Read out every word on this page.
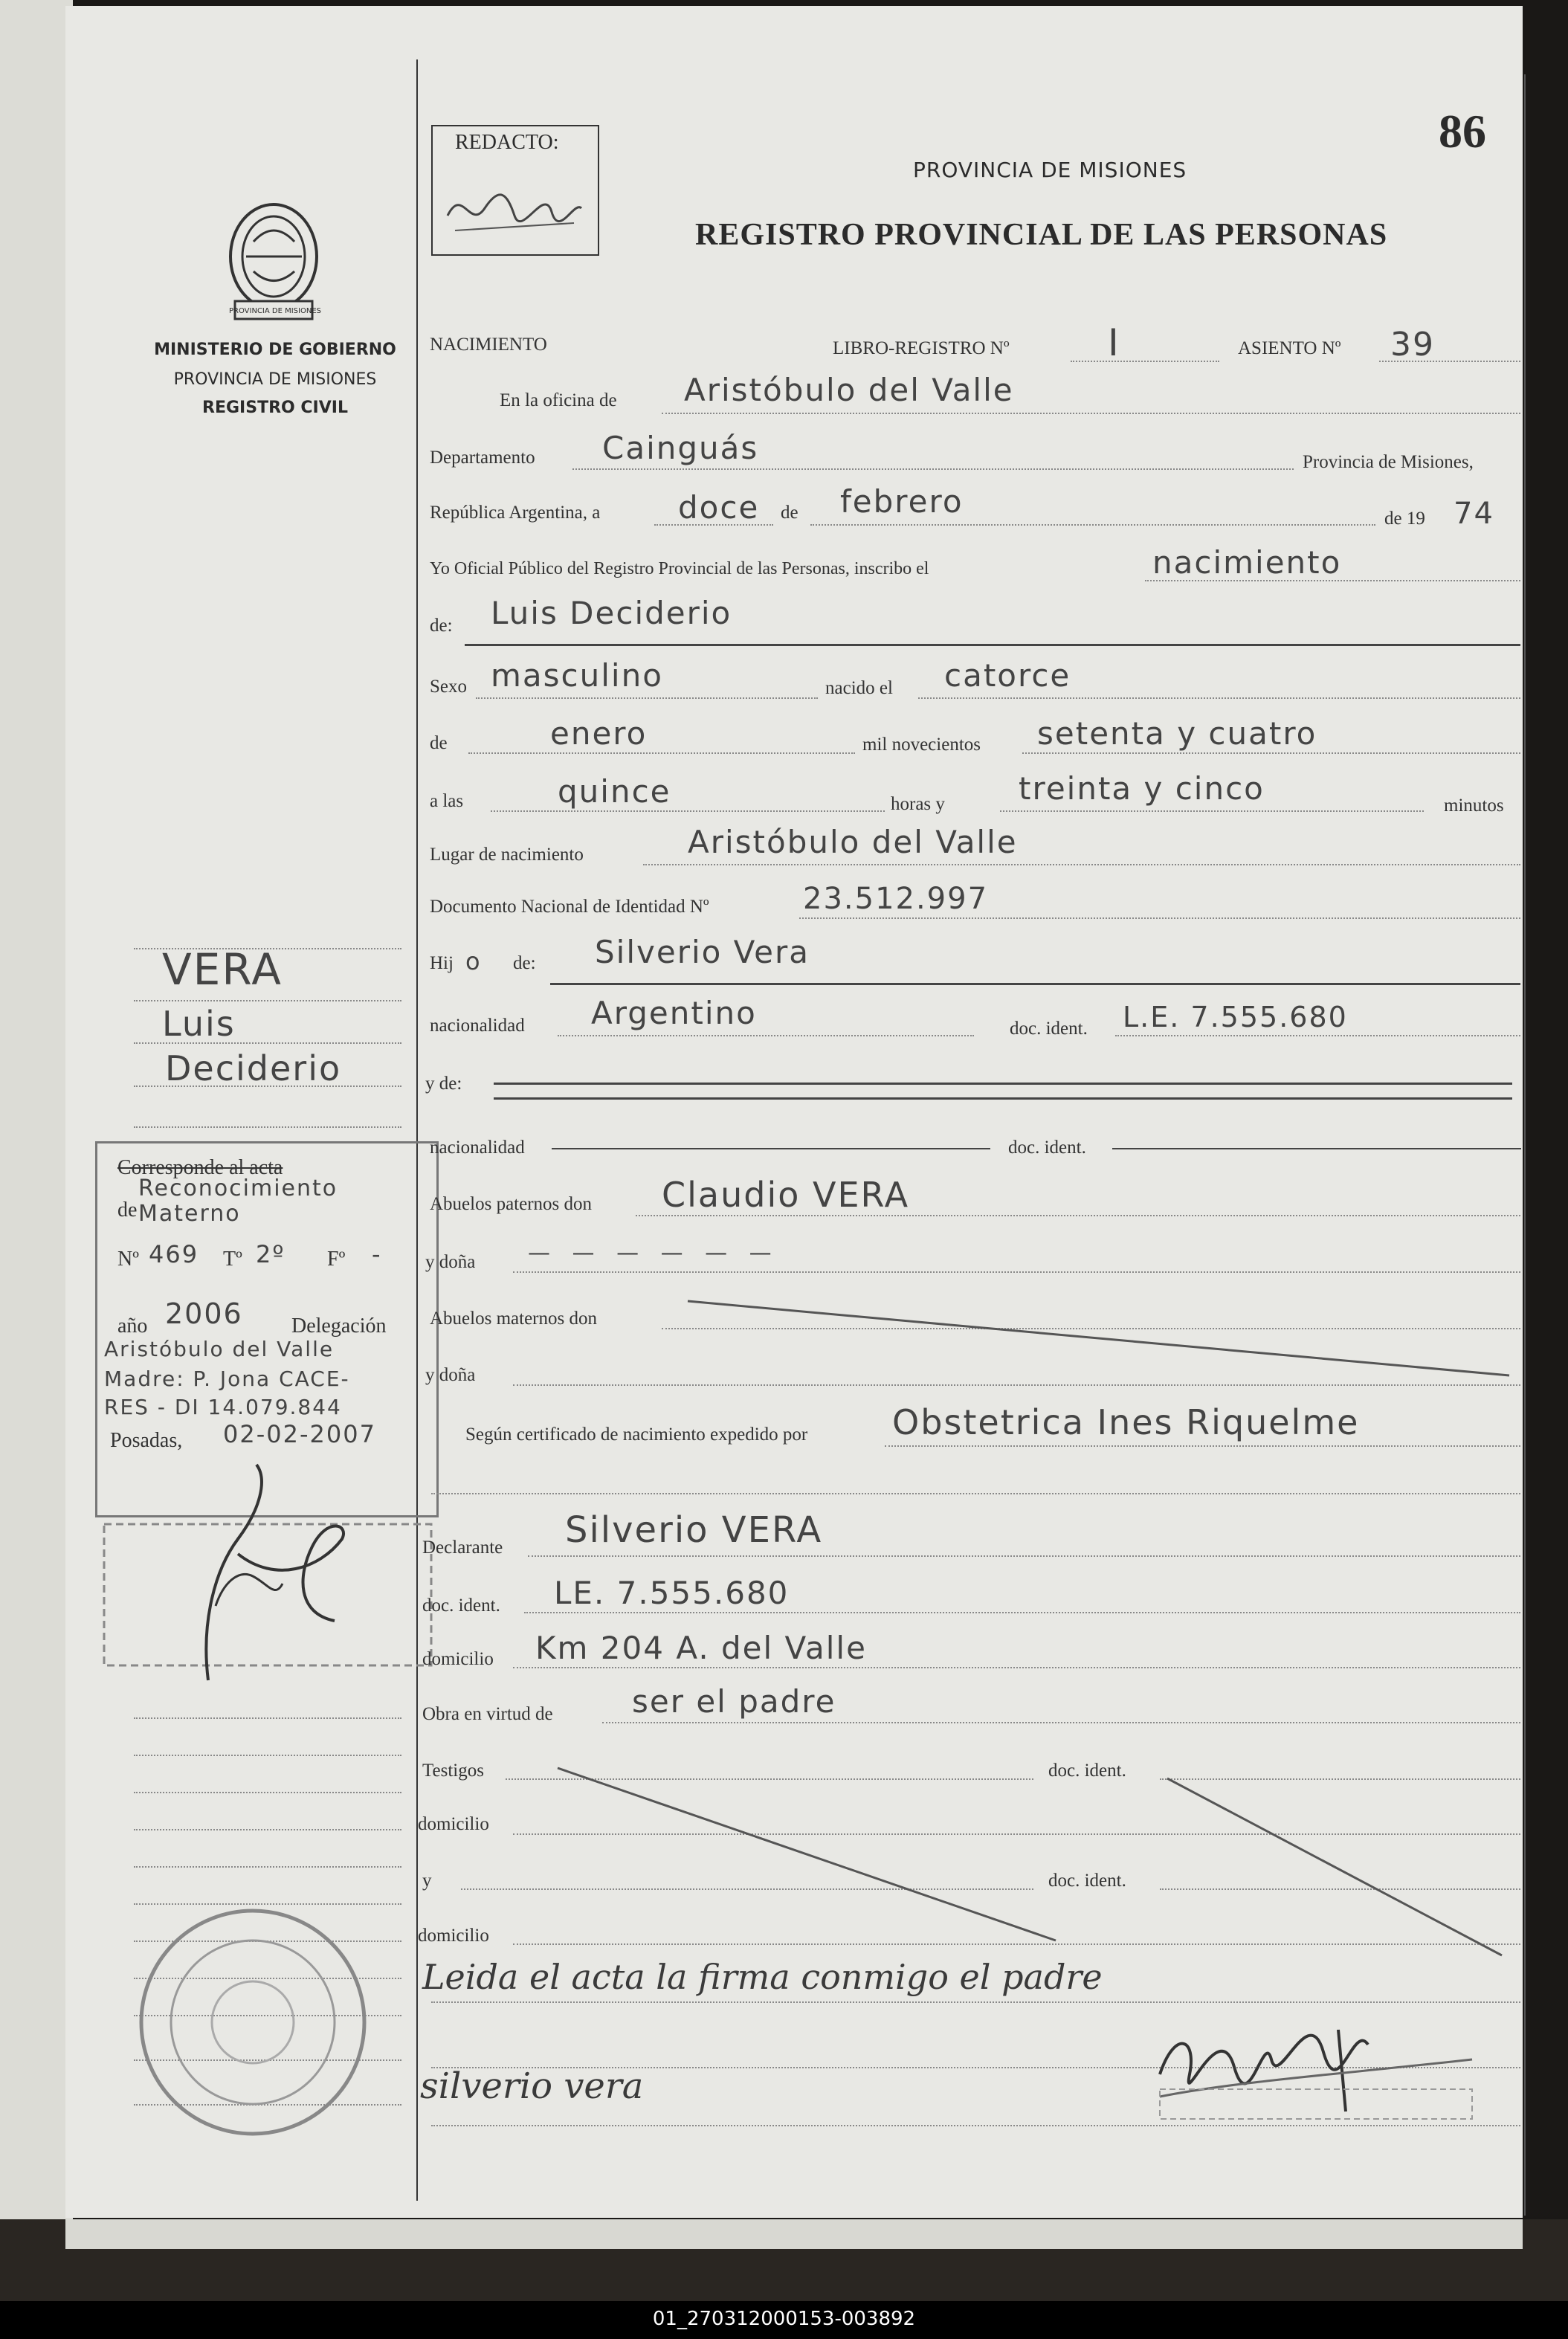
86
REDACTO:
PROVINCIA DE MISIONES
REGISTRO PROVINCIAL DE LAS PERSONAS
PROVINCIA DE MISIONES
MINISTERIO DE GOBIERNO
PROVINCIA DE MISIONES
REGISTRO CIVIL
VERA
Luis
Deciderio
Corresponde al acta
de
Reconocimiento Materno
Nº 469 Tº 2º Fº -
año 2006 Delegación
Aristóbulo del Valle
Madre: P. Jona CACE-
RES - DI 14.079.844
Posadas, 02-02-2007
NACIMIENTO	LIBRO-REGISTRO Nº	I	ASIENTO Nº 39
En la oficina de Aristóbulo del Valle
Departamento Cainguás	Provincia de Misiones,
República Argentina, a doce de febrero	de 19 74
Yo Oficial Público del Registro Provincial de las Personas, inscribo el	nacimiento
de: Luis Deciderio
Sexo masculino	nacido el catorce
de	enero	mil novecientos setenta y cuatro
a las	quince	horas y treinta y cinco	minutos
Lugar de nacimiento	Aristóbulo del Valle
Documento Nacional de Identidad Nº	23.512.997
Hij o de: Silverio Vera
nacionalidad Argentino	doc. ident. L.E. 7.555.680
y de:
nacionalidad	doc. ident.
Abuelos paternos don Claudio VERA
y doña — — — — — —
Abuelos maternos don
y doña
Según certificado de nacimiento expedido por Obstetrica Ines Riquelme
Declarante Silverio VERA
doc. ident. LE. 7.555.680
domicilio Km 204 A. del Valle
Obra en virtud de	ser el padre
Testigos	doc. ident.
domicilio
y	doc. ident.
domicilio
Leida el acta la firma conmigo el padre
silverio vera
01_270312000153-003892
